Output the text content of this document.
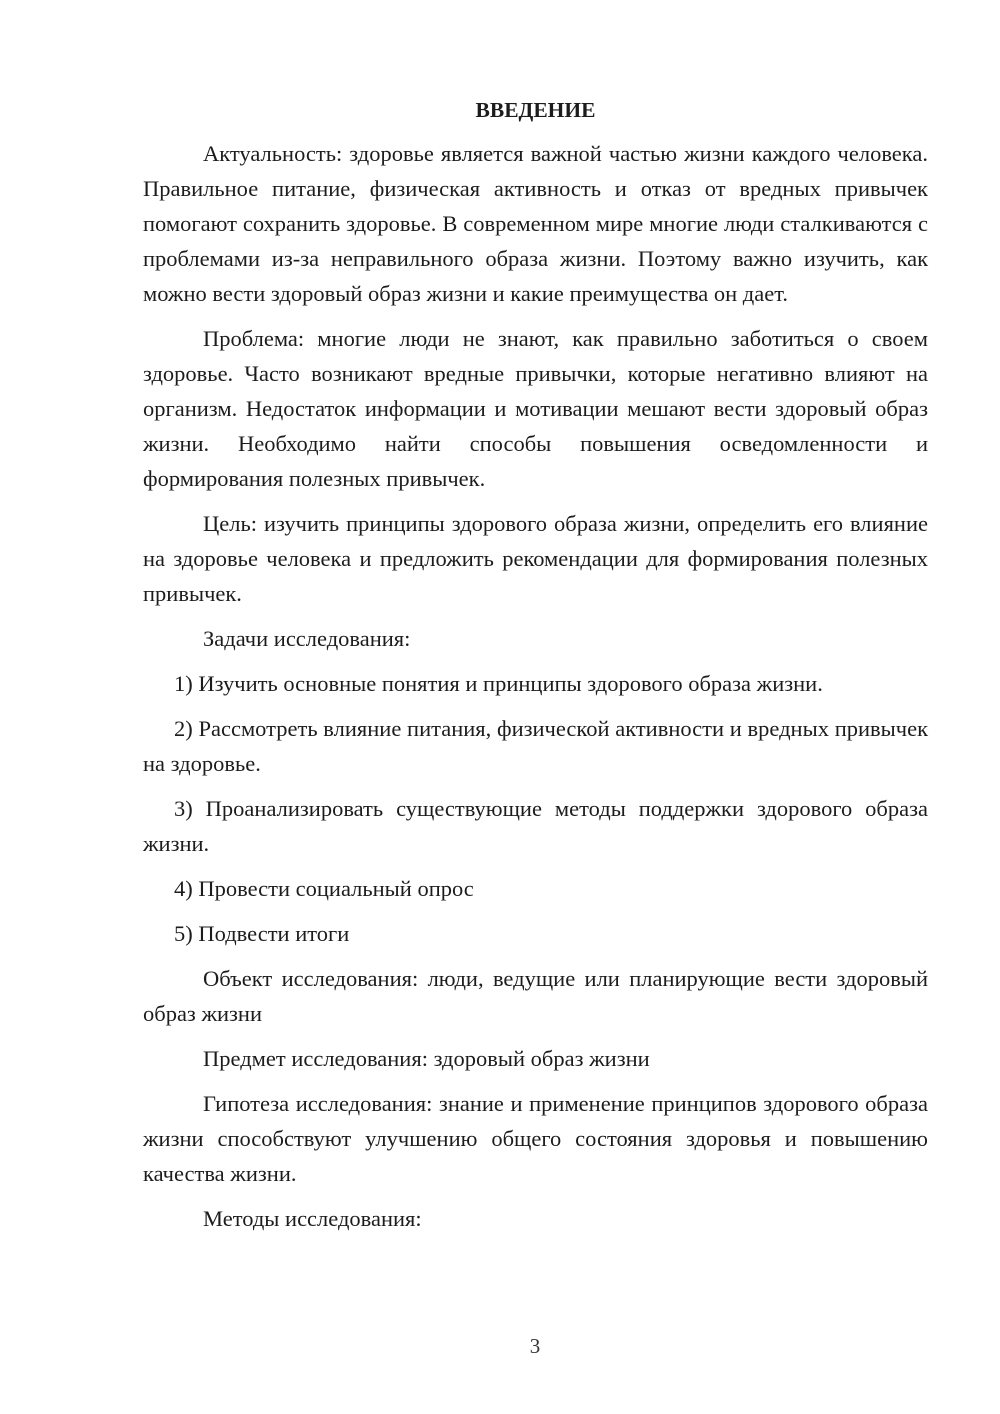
ВВЕДЕНИЕ

Актуальность: здоровье является важной частью жизни каждого человека. Правильное питание, физическая активность и отказ от вредных привычек помогают сохранить здоровье. В современном мире многие люди сталкиваются с проблемами из-за неправильного образа жизни. Поэтому важно изучить, как можно вести здоровый образ жизни и какие преимущества он дает.

Проблема: многие люди не знают, как правильно заботиться о своем здоровье. Часто возникают вредные привычки, которые негативно влияют на организм. Недостаток информации и мотивации мешают вести здоровый образ жизни. Необходимо найти способы повышения осведомленности и формирования полезных привычек.

Цель: изучить принципы здорового образа жизни, определить его влияние на здоровье человека и предложить рекомендации для формирования полезных привычек.

Задачи исследования:

1) Изучить основные понятия и принципы здорового образа жизни.

2) Рассмотреть влияние питания, физической активности и вредных привычек на здоровье.

3) Проанализировать существующие методы поддержки здорового образа жизни.

4) Провести социальный опрос

5) Подвести итоги

Объект исследования: люди, ведущие или планирующие вести здоровый образ жизни

Предмет исследования: здоровый образ жизни

Гипотеза исследования: знание и применение принципов здорового образа жизни способствуют улучшению общего состояния здоровья и повышению качества жизни.

Методы исследования:

3
